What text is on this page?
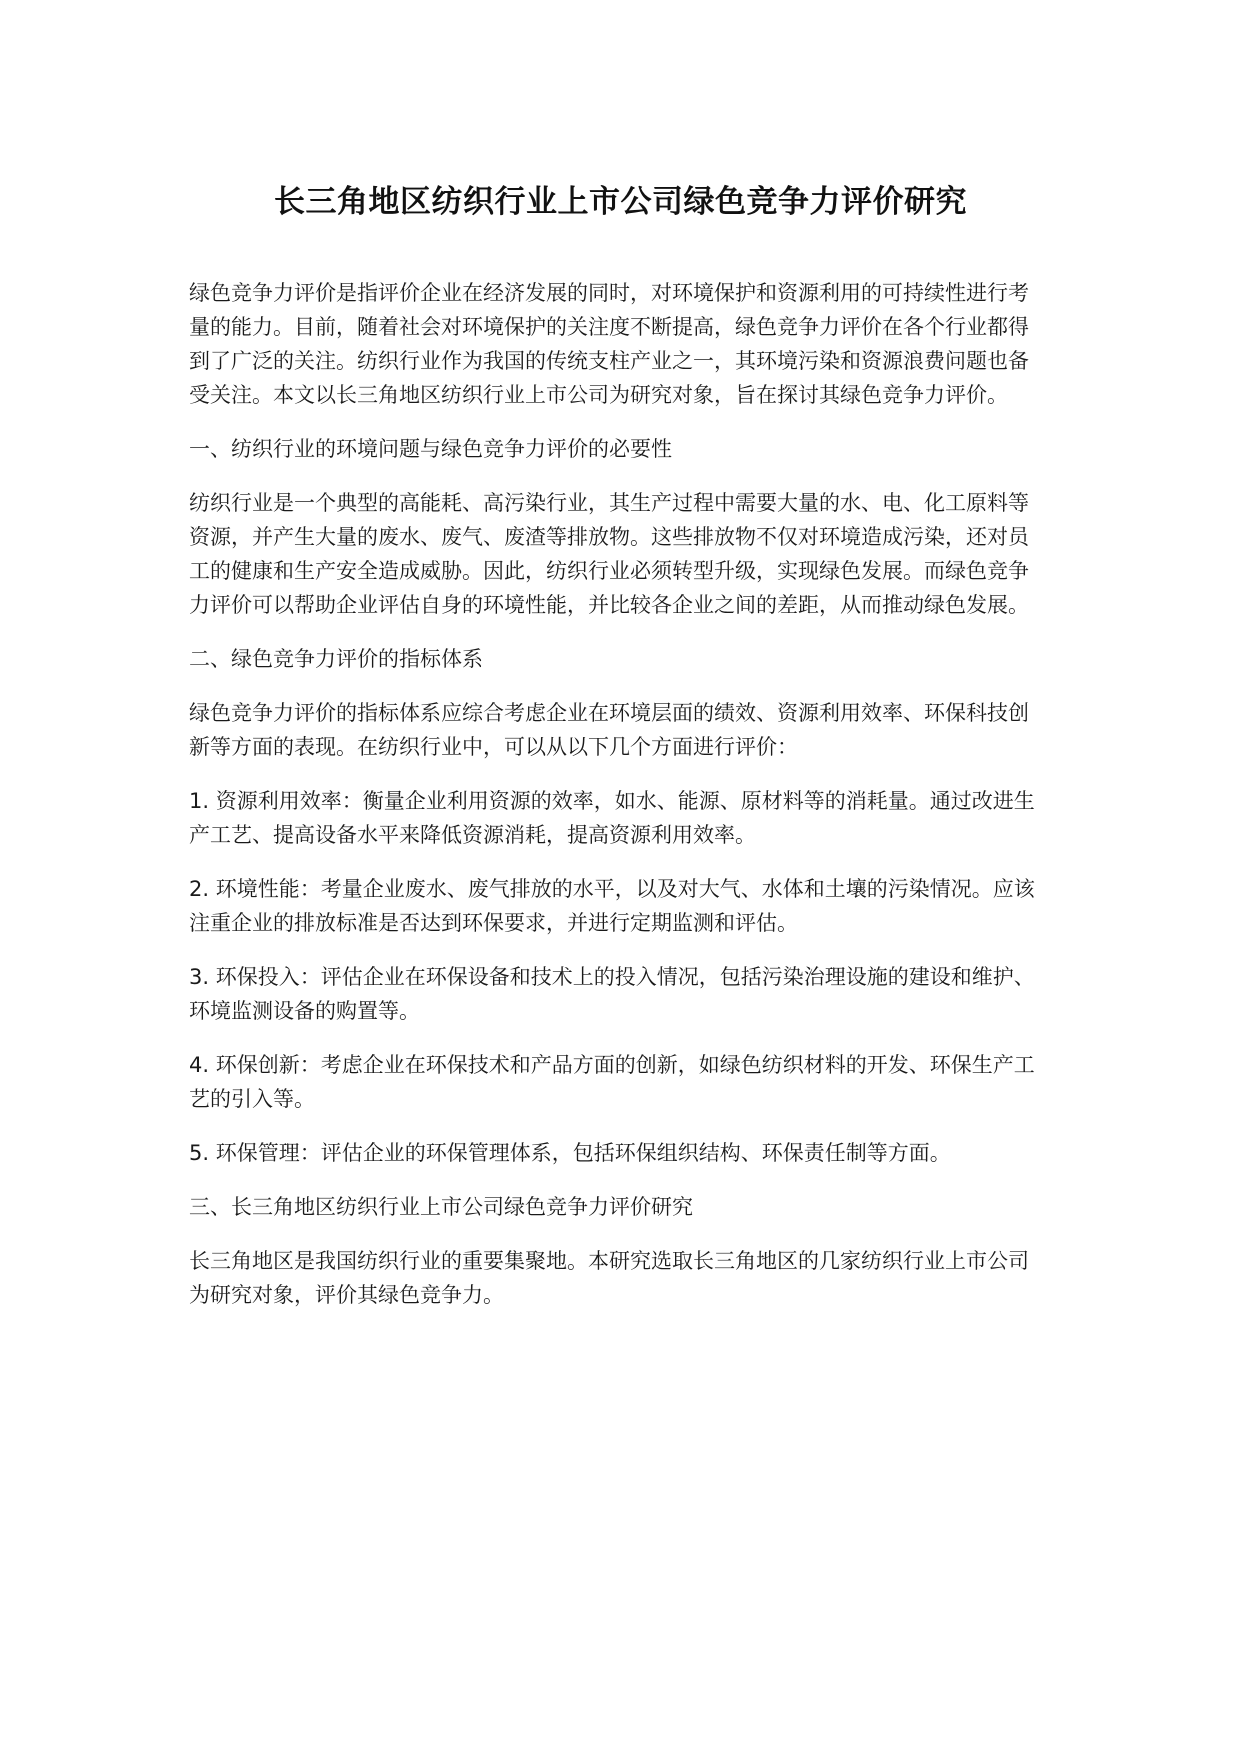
长三角地区纺织行业上市公司绿色竞争力评价研究

绿色竞争力评价是指评价企业在经济发展的同时，对环境保护和资源利用的可持续性进行考量的能力。目前，随着社会对环境保护的关注度不断提高，绿色竞争力评价在各个行业都得到了广泛的关注。纺织行业作为我国的传统支柱产业之一，其环境污染和资源浪费问题也备受关注。本文以长三角地区纺织行业上市公司为研究对象，旨在探讨其绿色竞争力评价。

一、纺织行业的环境问题与绿色竞争力评价的必要性

纺织行业是一个典型的高能耗、高污染行业，其生产过程中需要大量的水、电、化工原料等资源，并产生大量的废水、废气、废渣等排放物。这些排放物不仅对环境造成污染，还对员工的健康和生产安全造成威胁。因此，纺织行业必须转型升级，实现绿色发展。而绿色竞争力评价可以帮助企业评估自身的环境性能，并比较各企业之间的差距，从而推动绿色发展。

二、绿色竞争力评价的指标体系

绿色竞争力评价的指标体系应综合考虑企业在环境层面的绩效、资源利用效率、环保科技创新等方面的表现。在纺织行业中，可以从以下几个方面进行评价：

1. 资源利用效率：衡量企业利用资源的效率，如水、能源、原材料等的消耗量。通过改进生产工艺、提高设备水平来降低资源消耗，提高资源利用效率。

2. 环境性能：考量企业废水、废气排放的水平，以及对大气、水体和土壤的污染情况。应该注重企业的排放标准是否达到环保要求，并进行定期监测和评估。

3. 环保投入：评估企业在环保设备和技术上的投入情况，包括污染治理设施的建设和维护、环境监测设备的购置等。

4. 环保创新：考虑企业在环保技术和产品方面的创新，如绿色纺织材料的开发、环保生产工艺的引入等。

5. 环保管理：评估企业的环保管理体系，包括环保组织结构、环保责任制等方面。

三、长三角地区纺织行业上市公司绿色竞争力评价研究

长三角地区是我国纺织行业的重要集聚地。本研究选取长三角地区的几家纺织行业上市公司为研究对象，评价其绿色竞争力。
